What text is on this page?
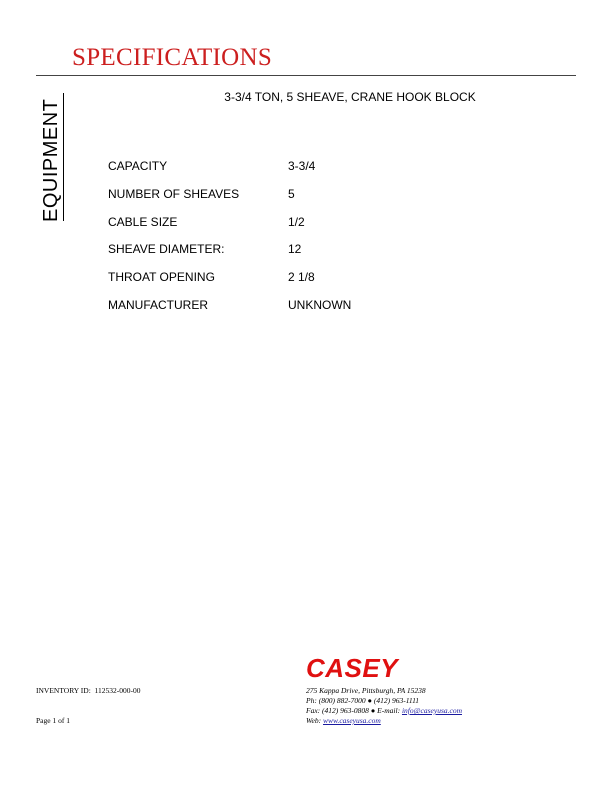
SPECIFICATIONS
EQUIPMENT
3-3/4 TON, 5 SHEAVE, CRANE HOOK BLOCK
CAPACITY	3-3/4
NUMBER OF SHEAVES	5
CABLE SIZE	1/2
SHEAVE DIAMETER:	12
THROAT OPENING	2 1/8
MANUFACTURER	UNKNOWN
CASEY
INVENTORY ID: 112532-000-00
Page 1 of 1
275 Kappa Drive, Pittsburgh, PA 15238
Ph: (800) 882-7000 ● (412) 963-1111
Fax: (412) 963-0808 ● E-mail: info@caseyusa.com
Web: www.caseyusa.com
